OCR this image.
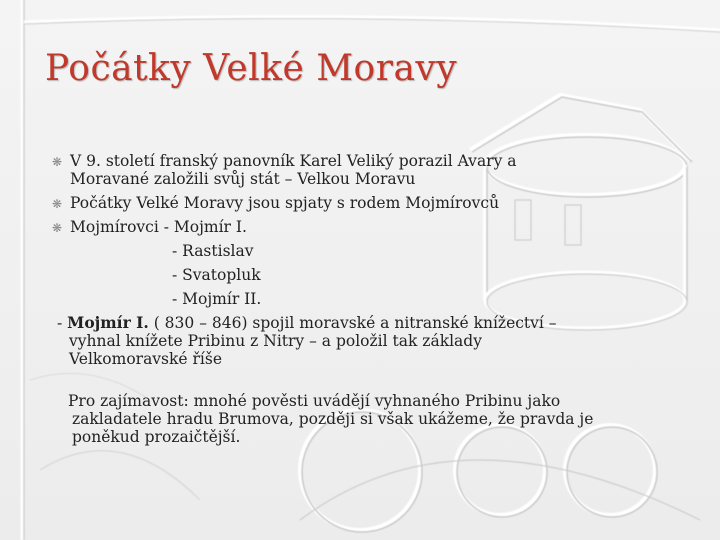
Počátky Velké Moravy
❋ V 9. století franský panovník Karel Veliký porazil Avary a
Moravané založili svůj stát – Velkou Moravu
❋ Počátky Velké Moravy jsou spjaty s rodem Mojmírovců
❋ Mojmírovci - Mojmír I.
- Rastislav
- Svatopluk
- Mojmír II.
- Mojmír I. ( 830 – 846) spojil moravské a nitranské knížectví –
vyhnal knížete Pribinu z Nitry – a položil tak základy
Velkomoravské říše
Pro zajímavost: mnohé pověsti uvádějí vyhnaného Pribinu jako
zakladatele hradu Brumova, později si však ukážeme, že pravda je
poněkud prozaičtější.
